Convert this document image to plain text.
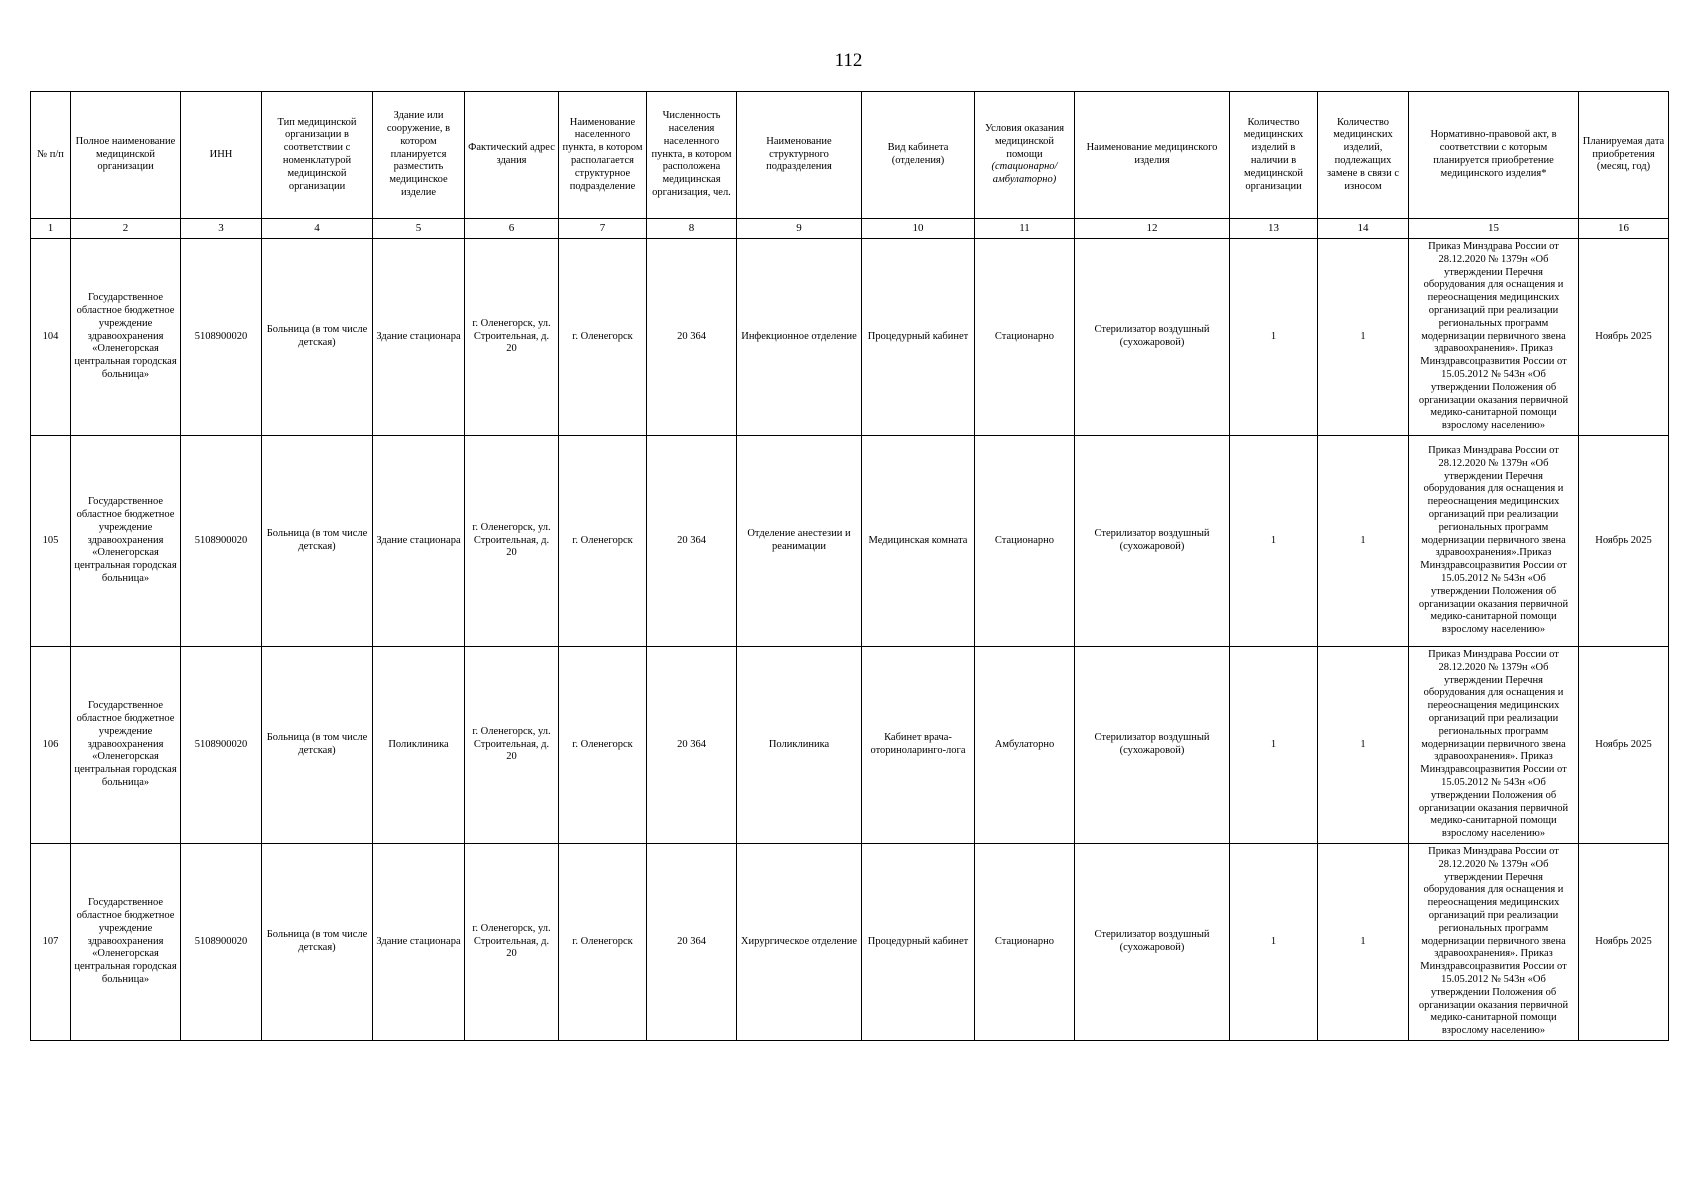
112
№ п/п	Полное наименование медицинской организации	ИНН	Тип медицинской организации в соответствии с номенклатурой медицинской организации	Здание или сооружение, в котором планируется разместить медицинское изделие	Фактический адрес здания	Наименование населенного пункта, в котором располагается структурное подразделение	Численность населения населенного пункта, в котором расположена медицинская организация, чел.	Наименование структурного подразделения	Вид кабинета (отделения)	Условия оказания медицинской помощи (стационарно/ амбулаторно)	Наименование медицинского изделия	Количество медицинских изделий в наличии в медицинской организации	Количество медицинских изделий, подлежащих замене в связи с износом	Нормативно-правовой акт, в соответствии с которым планируется приобретение медицинского изделия*	Планируемая дата приобретения (месяц, год)
1	2	3	4	5	6	7	8	9	10	11	12	13	14	15	16
104	Государственное областное бюджетное учреждение здравоохранения «Оленегорская центральная городская больница»	5108900020	Больница (в том числе детская)	Здание стационара	г. Оленегорск, ул. Строительная, д. 20	г. Оленегорск	20 364	Инфекционное отделение	Процедурный кабинет	Стационарно	Стерилизатор воздушный (сухожаровой)	1	1	Приказ Минздрава России от 28.12.2020 № 1379н «Об утверждении Перечня оборудования для оснащения и переоснащения медицинских организаций при реализации региональных программ модернизации первичного звена здравоохранения». Приказ Минздравсоцразвития России от 15.05.2012 № 543н «Об утверждении Положения об организации оказания первичной медико-санитарной помощи взрослому населению»	Ноябрь 2025
105	Государственное областное бюджетное учреждение здравоохранения «Оленегорская центральная городская больница»	5108900020	Больница (в том числе детская)	Здание стационара	г. Оленегорск, ул. Строительная, д. 20	г. Оленегорск	20 364	Отделение анестезии и реанимации	Медицинская комната	Стационарно	Стерилизатор воздушный (сухожаровой)	1	1	Приказ Минздрава России от 28.12.2020 № 1379н «Об утверждении Перечня оборудования для оснащения и переоснащения медицинских организаций при реализации региональных программ модернизации первичного звена здравоохранения».Приказ Минздравсоцразвития России от 15.05.2012 № 543н «Об утверждении Положения об организации оказания первичной медико-санитарной помощи взрослому населению»	Ноябрь 2025
106	Государственное областное бюджетное учреждение здравоохранения «Оленегорская центральная городская больница»	5108900020	Больница (в том числе детская)	Поликлиника	г. Оленегорск, ул. Строительная, д. 20	г. Оленегорск	20 364	Поликлиника	Кабинет врача-оториноларинго-лога	Амбулаторно	Стерилизатор воздушный (сухожаровой)	1	1	Приказ Минздрава России от 28.12.2020 № 1379н «Об утверждении Перечня оборудования для оснащения и переоснащения медицинских организаций при реализации региональных программ модернизации первичного звена здравоохранения». Приказ Минздравсоцразвития России от 15.05.2012 № 543н «Об утверждении Положения об организации оказания первичной медико-санитарной помощи взрослому населению»	Ноябрь 2025
107	Государственное областное бюджетное учреждение здравоохранения «Оленегорская центральная городская больница»	5108900020	Больница (в том числе детская)	Здание стационара	г. Оленегорск, ул. Строительная, д. 20	г. Оленегорск	20 364	Хирургическое отделение	Процедурный кабинет	Стационарно	Стерилизатор воздушный (сухожаровой)	1	1	Приказ Минздрава России от 28.12.2020 № 1379н «Об утверждении Перечня оборудования для оснащения и переоснащения медицинских организаций при реализации региональных программ модернизации первичного звена здравоохранения». Приказ Минздравсоцразвития России от 15.05.2012 № 543н «Об утверждении Положения об организации оказания первичной медико-санитарной помощи взрослому населению»	Ноябрь 2025
